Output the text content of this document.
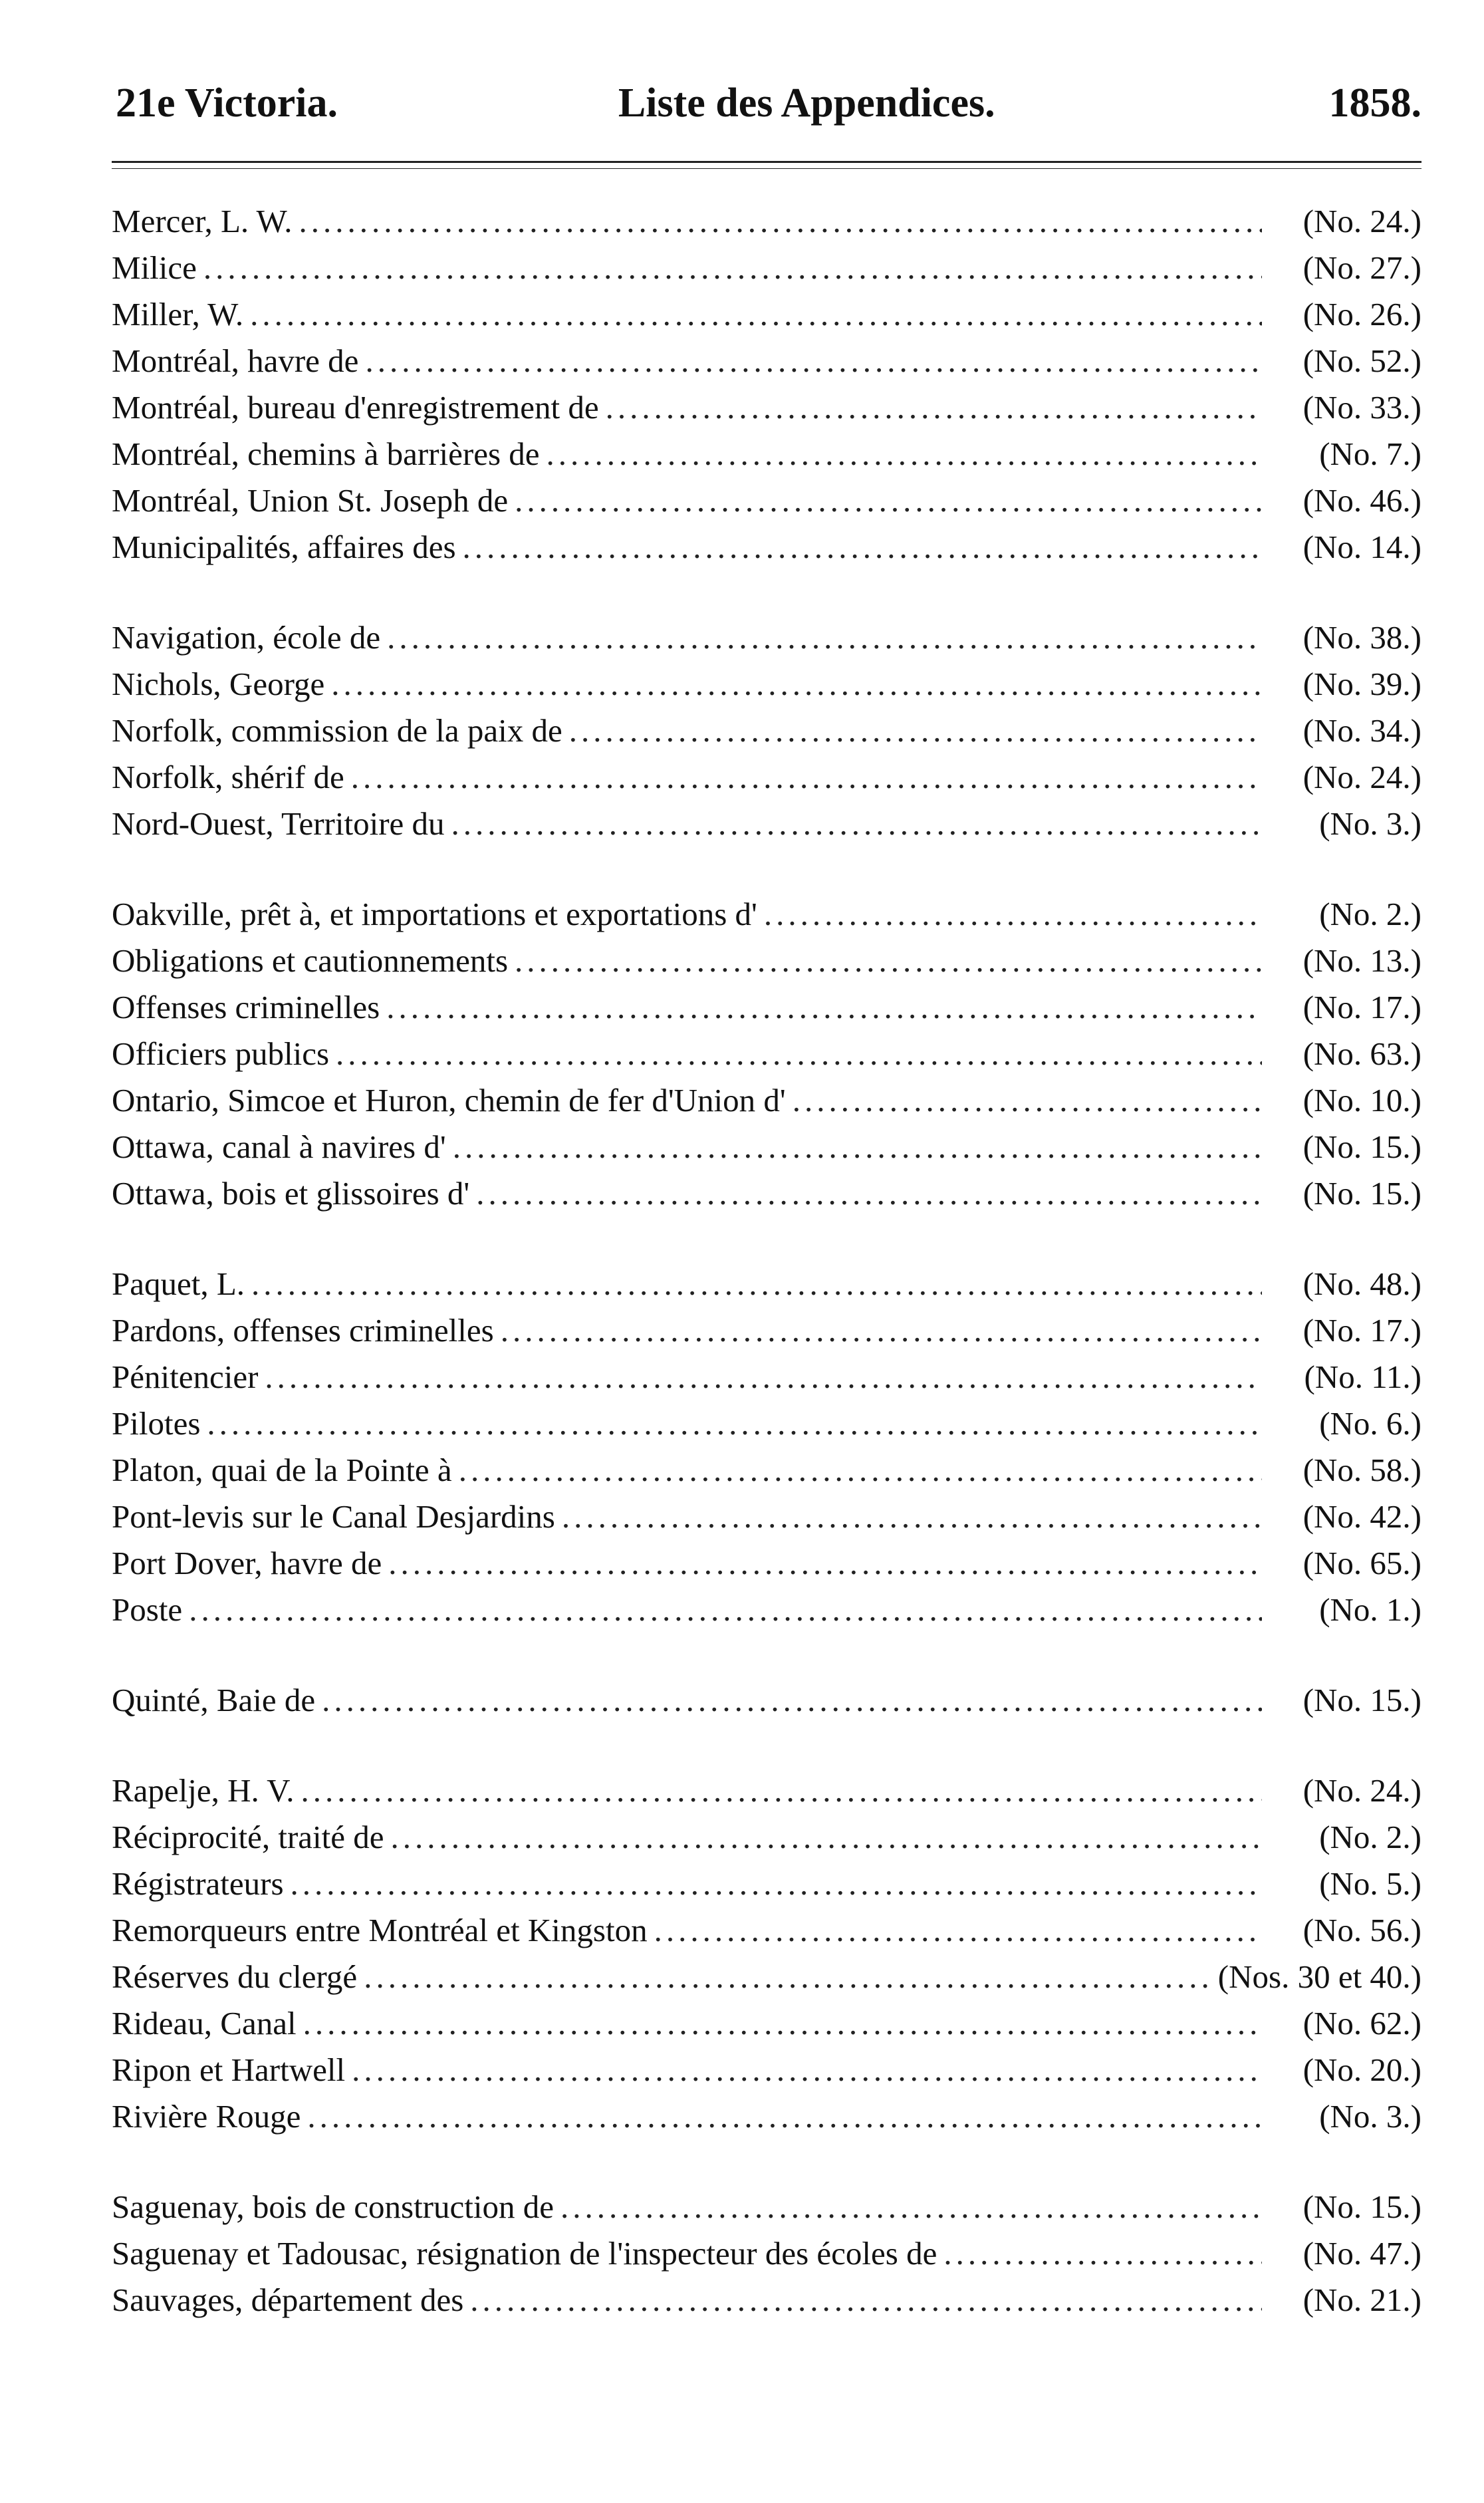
21e Victoria.	Liste des Appendices.	1858.
Mercer, L. W. .....	(No. 24.)
Milice .....	(No. 27.)
Miller, W. .....	(No. 26.)
Montréal, havre de .....	(No. 52.)
Montréal, bureau d'enregistrement de .....	(No. 33.)
Montréal, chemins à barrières de .....	(No. 7.)
Montréal, Union St. Joseph de .....	(No. 46.)
Municipalités, affaires des .....	(No. 14.)
Navigation, école de .....	(No. 38.)
Nichols, George .....	(No. 39.)
Norfolk, commission de la paix de .....	(No. 34.)
Norfolk, shérif de .....	(No. 24.)
Nord-Ouest, Territoire du .....	(No. 3.)
Oakville, prêt à, et importations et exportations d' .....	(No. 2.)
Obligations et cautionnements .....	(No. 13.)
Offenses criminelles .....	(No. 17.)
Officiers publics .....	(No. 63.)
Ontario, Simcoe et Huron, chemin de fer d'Union d' .....	(No. 10.)
Ottawa, canal à navires d' .....	(No. 15.)
Ottawa, bois et glissoires d' .....	(No. 15.)
Paquet, L. .....	(No. 48.)
Pardons, offenses criminelles .....	(No. 17.)
Pénitencier .....	(No. 11.)
Pilotes .....	(No. 6.)
Platon, quai de la Pointe à .....	(No. 58.)
Pont-levis sur le Canal Desjardins .....	(No. 42.)
Port Dover, havre de .....	(No. 65.)
Poste .....	(No. 1.)
Quinté, Baie de .....	(No. 15.)
Rapelje, H. V. .....	(No. 24.)
Réciprocité, traité de .....	(No. 2.)
Régistrateurs .....	(No. 5.)
Remorqueurs entre Montréal et Kingston .....	(No. 56.)
Réserves du clergé .....	(Nos. 30 et 40.)
Rideau, Canal .....	(No. 62.)
Ripon et Hartwell .....	(No. 20.)
Rivière Rouge .....	(No. 3.)
Saguenay, bois de construction de .....	(No. 15.)
Saguenay et Tadousac, résignation de l'inspecteur des écoles de .....	(No. 47.)
Sauvages, département des .....	(No. 21.)
